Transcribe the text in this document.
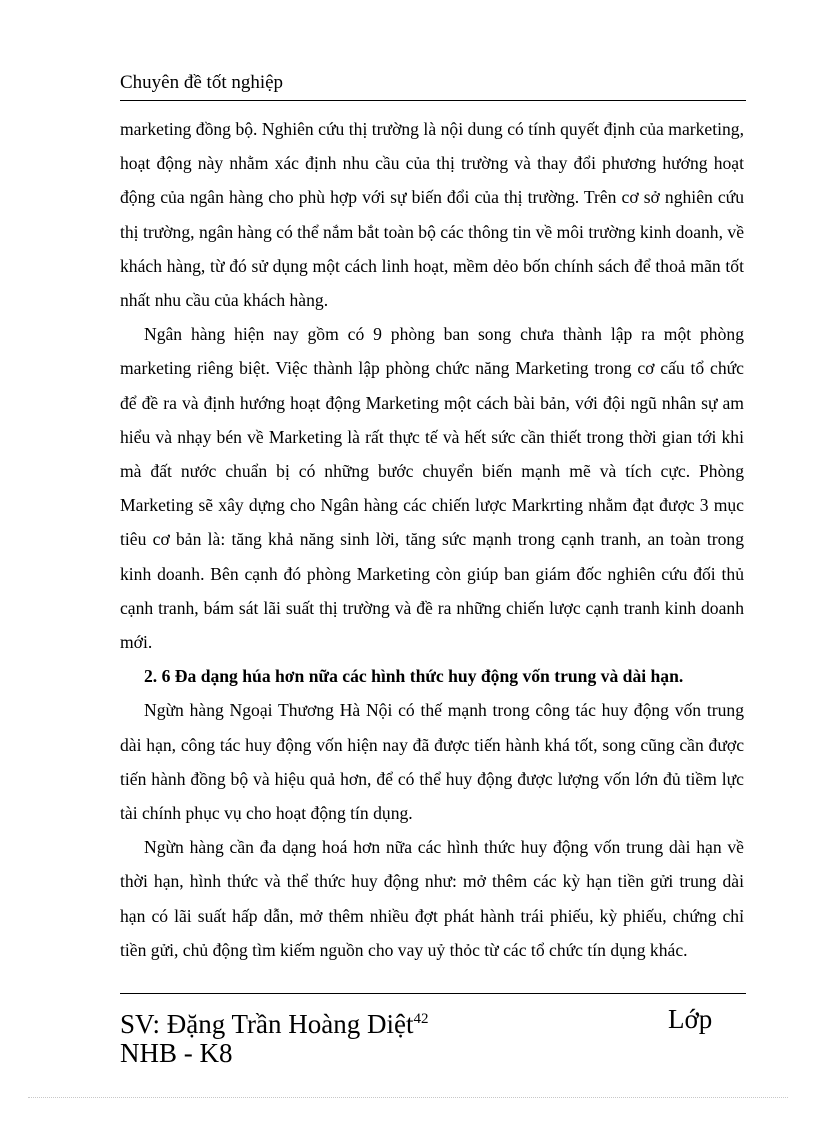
Chuyên đề tốt nghiệp

marketing đồng bộ. Nghiên cứu thị trường là nội dung có tính quyết định của marketing, hoạt động này nhằm xác định nhu cầu của thị trường và thay đổi phương hướng hoạt động của ngân hàng cho phù hợp với sự biến đổi của thị trường. Trên cơ sở nghiên cứu thị trường, ngân hàng có thể nắm bắt toàn bộ các thông tin về môi trường kinh doanh, về khách hàng, từ đó sử dụng một cách linh hoạt, mềm dẻo bốn chính sách để thoả mãn tốt nhất nhu cầu của khách hàng.

Ngân hàng hiện nay gồm có 9 phòng ban song chưa thành lập ra một phòng marketing riêng biệt. Việc thành lập phòng chức năng Marketing trong cơ cấu tổ chức để đề ra và định hướng hoạt động Marketing một cách bài bản, với đội ngũ nhân sự am hiểu và nhạy bén về Marketing là rất thực tế và hết sức cần thiết trong thời gian tới khi mà đất nước chuẩn bị có những bước chuyển biến mạnh mẽ và tích cực. Phòng Marketing sẽ xây dựng cho Ngân hàng các chiến lược Markrting nhằm đạt được 3 mục tiêu cơ bản là: tăng khả năng sinh lời, tăng sức mạnh trong cạnh tranh, an toàn trong kinh doanh. Bên cạnh đó phòng Marketing còn giúp ban giám đốc nghiên cứu đối thủ cạnh tranh, bám sát lãi suất thị trường và đề ra những chiến lược cạnh tranh kinh doanh mới.

2. 6 Đa dạng húa hơn nữa các hình thức huy động vốn trung và dài hạn.

Ngừn hàng Ngoại Thương Hà Nội có thế mạnh trong công tác huy động vốn trung dài hạn, công tác huy động vốn hiện nay đã được tiến hành khá tốt, song cũng cần được tiến hành đồng bộ và hiệu quả hơn, để có thể huy động được lượng vốn lớn đủ tiềm lực tài chính phục vụ cho hoạt động tín dụng.

Ngừn hàng cần đa dạng hoá hơn nữa các hình thức huy động vốn trung dài hạn về thời hạn, hình thức và thể thức huy động như: mở thêm các kỳ hạn tiền gửi trung dài hạn có lãi suất hấp dẫn, mở thêm nhiều đợt phát hành trái phiếu, kỳ phiếu, chứng chỉ tiền gửi, chủ động tìm kiếm nguồn cho vay uỷ thỏc từ các tổ chức tín dụng khác.

SV: Đặng Trần Hoàng Diệt$^{42}$	Lớp
NHB - K8
